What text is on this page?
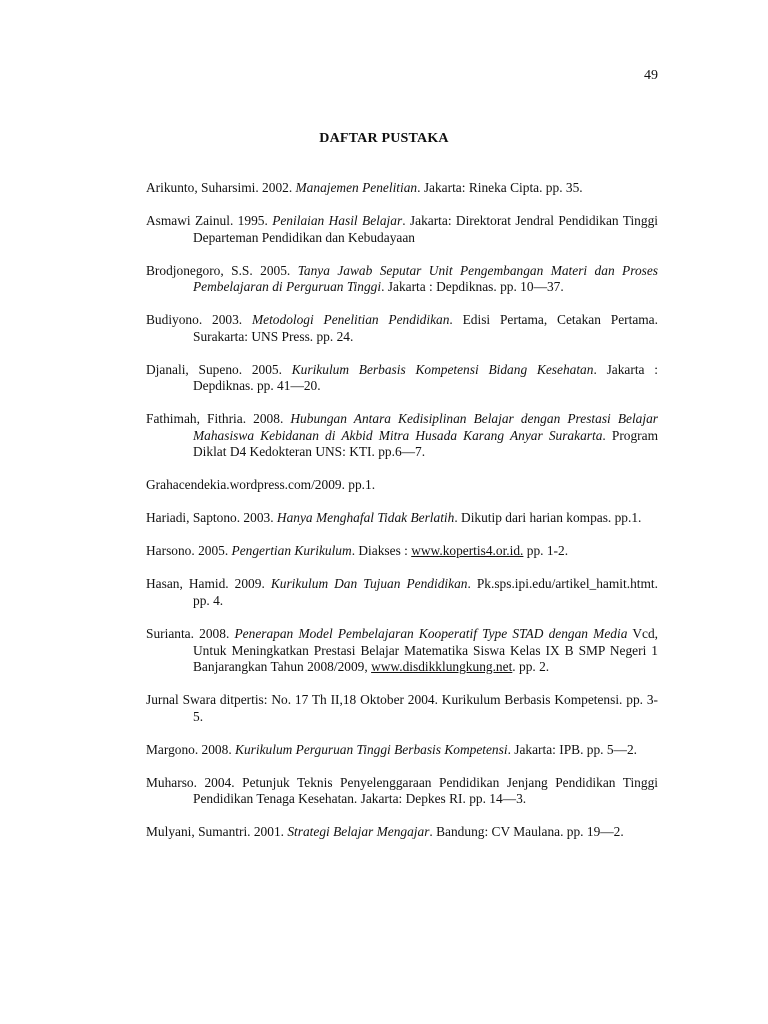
49
DAFTAR PUSTAKA

Arikunto, Suharsimi. 2002. Manajemen Penelitian. Jakarta: Rineka Cipta. pp. 35.

Asmawi Zainul. 1995. Penilaian Hasil Belajar. Jakarta: Direktorat Jendral Pendidikan Tinggi Departeman Pendidikan dan Kebudayaan

Brodjonegoro, S.S. 2005. Tanya Jawab Seputar Unit Pengembangan Materi dan Proses Pembelajaran di Perguruan Tinggi. Jakarta : Depdiknas. pp. 10—37.

Budiyono. 2003. Metodologi Penelitian Pendidikan. Edisi Pertama, Cetakan Pertama. Surakarta: UNS Press. pp. 24.

Djanali, Supeno. 2005. Kurikulum Berbasis Kompetensi Bidang Kesehatan. Jakarta : Depdiknas. pp. 41—20.

Fathimah, Fithria. 2008. Hubungan Antara Kedisiplinan Belajar dengan Prestasi Belajar Mahasiswa Kebidanan di Akbid Mitra Husada Karang Anyar Surakarta. Program Diklat D4 Kedokteran UNS: KTI. pp.6—7.

Grahacendekia.wordpress.com/2009. pp.1.

Hariadi, Saptono. 2003. Hanya Menghafal Tidak Berlatih. Dikutip dari harian kompas. pp.1.

Harsono. 2005. Pengertian Kurikulum. Diakses : www.kopertis4.or.id. pp. 1-2.

Hasan, Hamid. 2009. Kurikulum Dan Tujuan Pendidikan. Pk.sps.ipi.edu/artikel_hamit.htmt. pp. 4.

Surianta. 2008. Penerapan Model Pembelajaran Kooperatif Type STAD dengan Media Vcd, Untuk Meningkatkan Prestasi Belajar Matematika Siswa Kelas IX B SMP Negeri 1 Banjarangkan Tahun 2008/2009, www.disdikklungkung.net. pp. 2.

Jurnal Swara ditpertis: No. 17 Th II,18 Oktober 2004. Kurikulum Berbasis Kompetensi. pp. 3-5.

Margono. 2008. Kurikulum Perguruan Tinggi Berbasis Kompetensi. Jakarta: IPB. pp. 5—2.

Muharso. 2004. Petunjuk Teknis Penyelenggaraan Pendidikan Jenjang Pendidikan Tinggi Pendidikan Tenaga Kesehatan. Jakarta: Depkes RI. pp. 14—3.

Mulyani, Sumantri. 2001. Strategi Belajar Mengajar. Bandung: CV Maulana. pp. 19—2.
